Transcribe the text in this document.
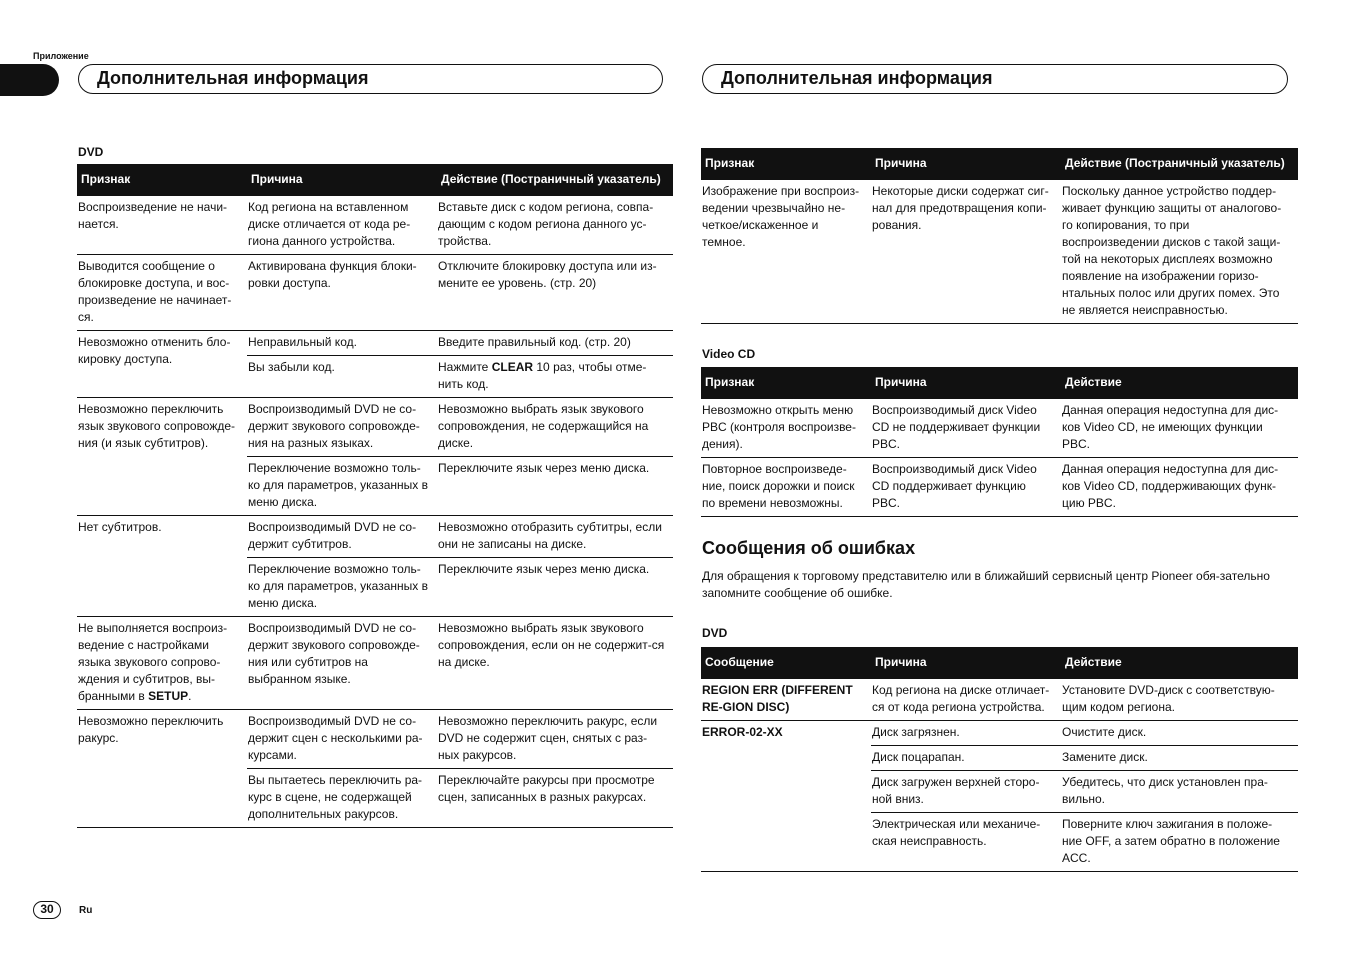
Приложение
Дополнительная информация	Дополнительная информация
DVD
Признак	Причина	Действие (Постраничный указатель)
Воспроизведение не начи-нается.	Код региона на вставленном диске отличается от кода ре-гиона данного устройства.	Вставьте диск с кодом региона, совпа-дающим с кодом региона данного ус-тройства.
Выводится сообщение о блокировке доступа, и вос-произведение не начинает-ся.	Активирована функция блоки-ровки доступа.	Отключите блокировку доступа или из-мените ее уровень. (стр. 20)
Невозможно отменить бло-кировку доступа.	Неправильный код.	Введите правильный код. (стр. 20)
	Вы забыли код.	Нажмите CLEAR 10 раз, чтобы отме-нить код.
Невозможно переключить язык звукового сопровожде-ния (и язык субтитров).	Воспроизводимый DVD не со-держит звукового сопровожде-ния на разных языках.	Невозможно выбрать язык звукового сопровождения, не содержащийся на диске.
	Переключение возможно толь-ко для параметров, указанных в меню диска.	Переключите язык через меню диска.
Нет субтитров.	Воспроизводимый DVD не со-держит субтитров.	Невозможно отобразить субтитры, если они не записаны на диске.
	Переключение возможно толь-ко для параметров, указанных в меню диска.	Переключите язык через меню диска.
Не выполняется воспроиз-ведение с настройками языка звукового сопрово-ждения и субтитров, вы-бранными в SETUP.	Воспроизводимый DVD не со-держит звукового сопровожде-ния или субтитров на выбранном языке.	Невозможно выбрать язык звукового сопровождения, если он не содержит-ся на диске.
Невозможно переключить ракурс.	Воспроизводимый DVD не со-держит сцен с несколькими ра-курсами.	Невозможно переключить ракурс, если DVD не содержит сцен, снятых с раз-ных ракурсов.
	Вы пытаетесь переключить ра-курс в сцене, не содержащей дополнительных ракурсов.	Переключайте ракурсы при просмотре сцен, записанных в разных ракурсах.
Признак	Причина	Действие (Постраничный указатель)
Изображение при воспроиз-ведении чрезвычайно не-четкое/искаженное и темное.	Некоторые диски содержат сиг-нал для предотвращения копи-рования.	Поскольку данное устройство поддер-живает функцию защиты от аналогово-го копирования, то при воспроизведении дисков с такой защи-той на некоторых дисплеях возможно появление на изображении горизо-нтальных полос или других помех. Это не является неисправностью.
Video CD
Признак	Причина	Действие
Невозможно открыть меню PBC (контроля воспроизве-дения).	Воспроизводимый диск Video CD не поддерживает функции PBC.	Данная операция недоступна для дис-ков Video CD, не имеющих функции PBC.
Повторное воспроизведе-ние, поиск дорожки и поиск по времени невозможны.	Воспроизводимый диск Video CD поддерживает функцию PBC.	Данная операция недоступна для дис-ков Video CD, поддерживающих функ-цию PBC.
Сообщения об ошибках
Для обращения к торговому представителю или в ближайший сервисный центр Pioneer обя-зательно запомните сообщение об ошибке.
DVD
Сообщение	Причина	Действие
REGION ERR (DIFFERENT RE-GION DISC)	Код региона на диске отличает-ся от кода региона устройства.	Установите DVD-диск с соответствую-щим кодом региона.
ERROR-02-XX	Диск загрязнен.	Очистите диск.
	Диск поцарапан.	Замените диск.
	Диск загружен верхней сторо-ной вниз.	Убедитесь, что диск установлен пра-вильно.
	Электрическая или механиче-ская неисправность.	Поверните ключ зажигания в положе-ние OFF, а затем обратно в положение ACC.
30	Ru
